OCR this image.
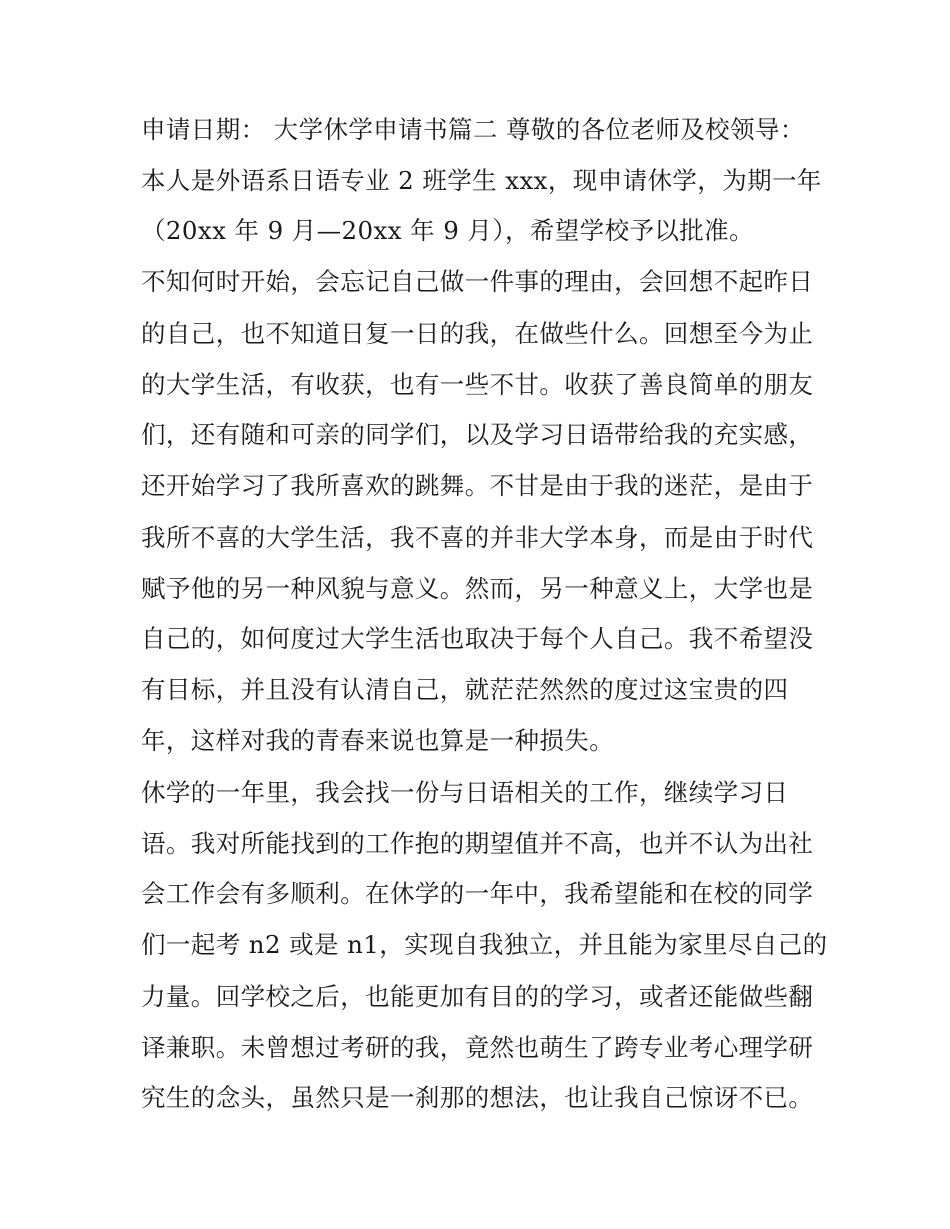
申请日期： 大学休学申请书篇二 尊敬的各位老师及校领导：
本人是外语系日语专业 2 班学生 xxx，现申请休学，为期一年
（20xx 年 9 月—20xx 年 9 月），希望学校予以批准。
不知何时开始，会忘记自己做一件事的理由，会回想不起昨日
的自己，也不知道日复一日的我，在做些什么。回想至今为止
的大学生活，有收获，也有一些不甘。收获了善良简单的朋友
们，还有随和可亲的同学们，以及学习日语带给我的充实感，
还开始学习了我所喜欢的跳舞。不甘是由于我的迷茫，是由于
我所不喜的大学生活，我不喜的并非大学本身，而是由于时代
赋予他的另一种风貌与意义。然而，另一种意义上，大学也是
自己的，如何度过大学生活也取决于每个人自己。我不希望没
有目标，并且没有认清自己，就茫茫然然的度过这宝贵的四
年，这样对我的青春来说也算是一种损失。
休学的一年里，我会找一份与日语相关的工作，继续学习日
语。我对所能找到的工作抱的期望值并不高，也并不认为出社
会工作会有多顺利。在休学的一年中，我希望能和在校的同学
们一起考 n2 或是 n1，实现自我独立，并且能为家里尽自己的
力量。回学校之后，也能更加有目的的学习，或者还能做些翻
译兼职。未曾想过考研的我，竟然也萌生了跨专业考心理学研
究生的念头，虽然只是一刹那的想法，也让我自己惊讶不已。
